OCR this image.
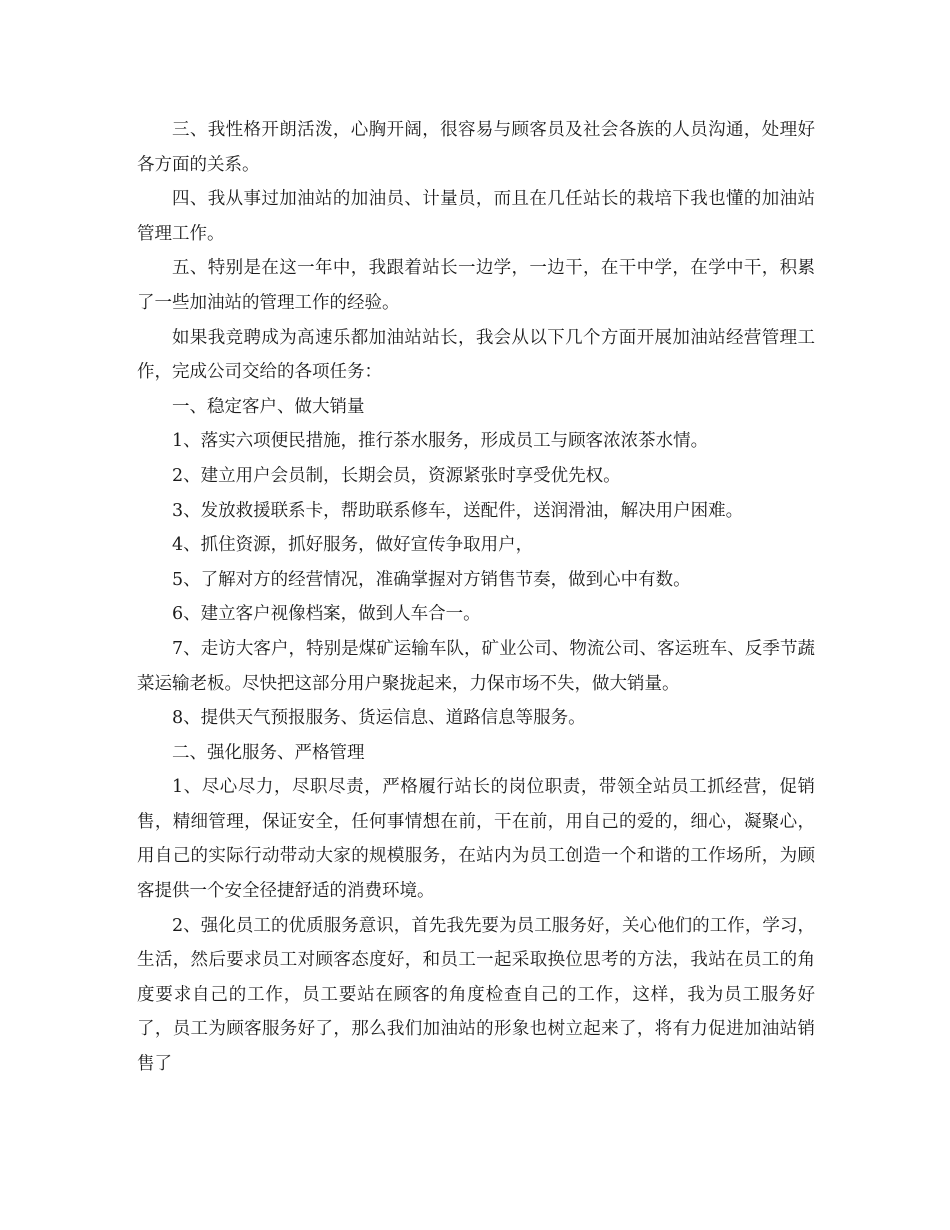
三、我性格开朗活泼，心胸开阔，很容易与顾客员及社会各族的人员沟通，处理好各方面的关系。

四、我从事过加油站的加油员、计量员，而且在几任站长的栽培下我也懂的加油站管理工作。

五、特别是在这一年中，我跟着站长一边学，一边干，在干中学，在学中干，积累了一些加油站的管理工作的经验。

如果我竞聘成为高速乐都加油站站长，我会从以下几个方面开展加油站经营管理工作，完成公司交给的各项任务：

一、稳定客户、做大销量

1、落实六项便民措施，推行茶水服务，形成员工与顾客浓浓茶水情。

2、建立用户会员制，长期会员，资源紧张时享受优先权。

3、发放救援联系卡，帮助联系修车，送配件，送润滑油，解决用户困难。

4、抓住资源，抓好服务，做好宣传争取用户，

5、了解对方的经营情况，准确掌握对方销售节奏，做到心中有数。

6、建立客户视像档案，做到人车合一。

7、走访大客户，特别是煤矿运输车队，矿业公司、物流公司、客运班车、反季节蔬菜运输老板。尽快把这部分用户聚拢起来，力保市场不失，做大销量。

8、提供天气预报服务、货运信息、道路信息等服务。

二、强化服务、严格管理

1、尽心尽力，尽职尽责，严格履行站长的岗位职责，带领全站员工抓经营，促销售，精细管理，保证安全，任何事情想在前，干在前，用自己的爱的，细心，凝聚心，用自己的实际行动带动大家的规模服务，在站内为员工创造一个和谐的工作场所，为顾客提供一个安全径捷舒适的消费环境。

2、强化员工的优质服务意识，首先我先要为员工服务好，关心他们的工作，学习，生活，然后要求员工对顾客态度好，和员工一起采取换位思考的方法，我站在员工的角度要求自己的工作，员工要站在顾客的角度检查自己的工作，这样，我为员工服务好了，员工为顾客服务好了，那么我们加油站的形象也树立起来了，将有力促进加油站销售了
